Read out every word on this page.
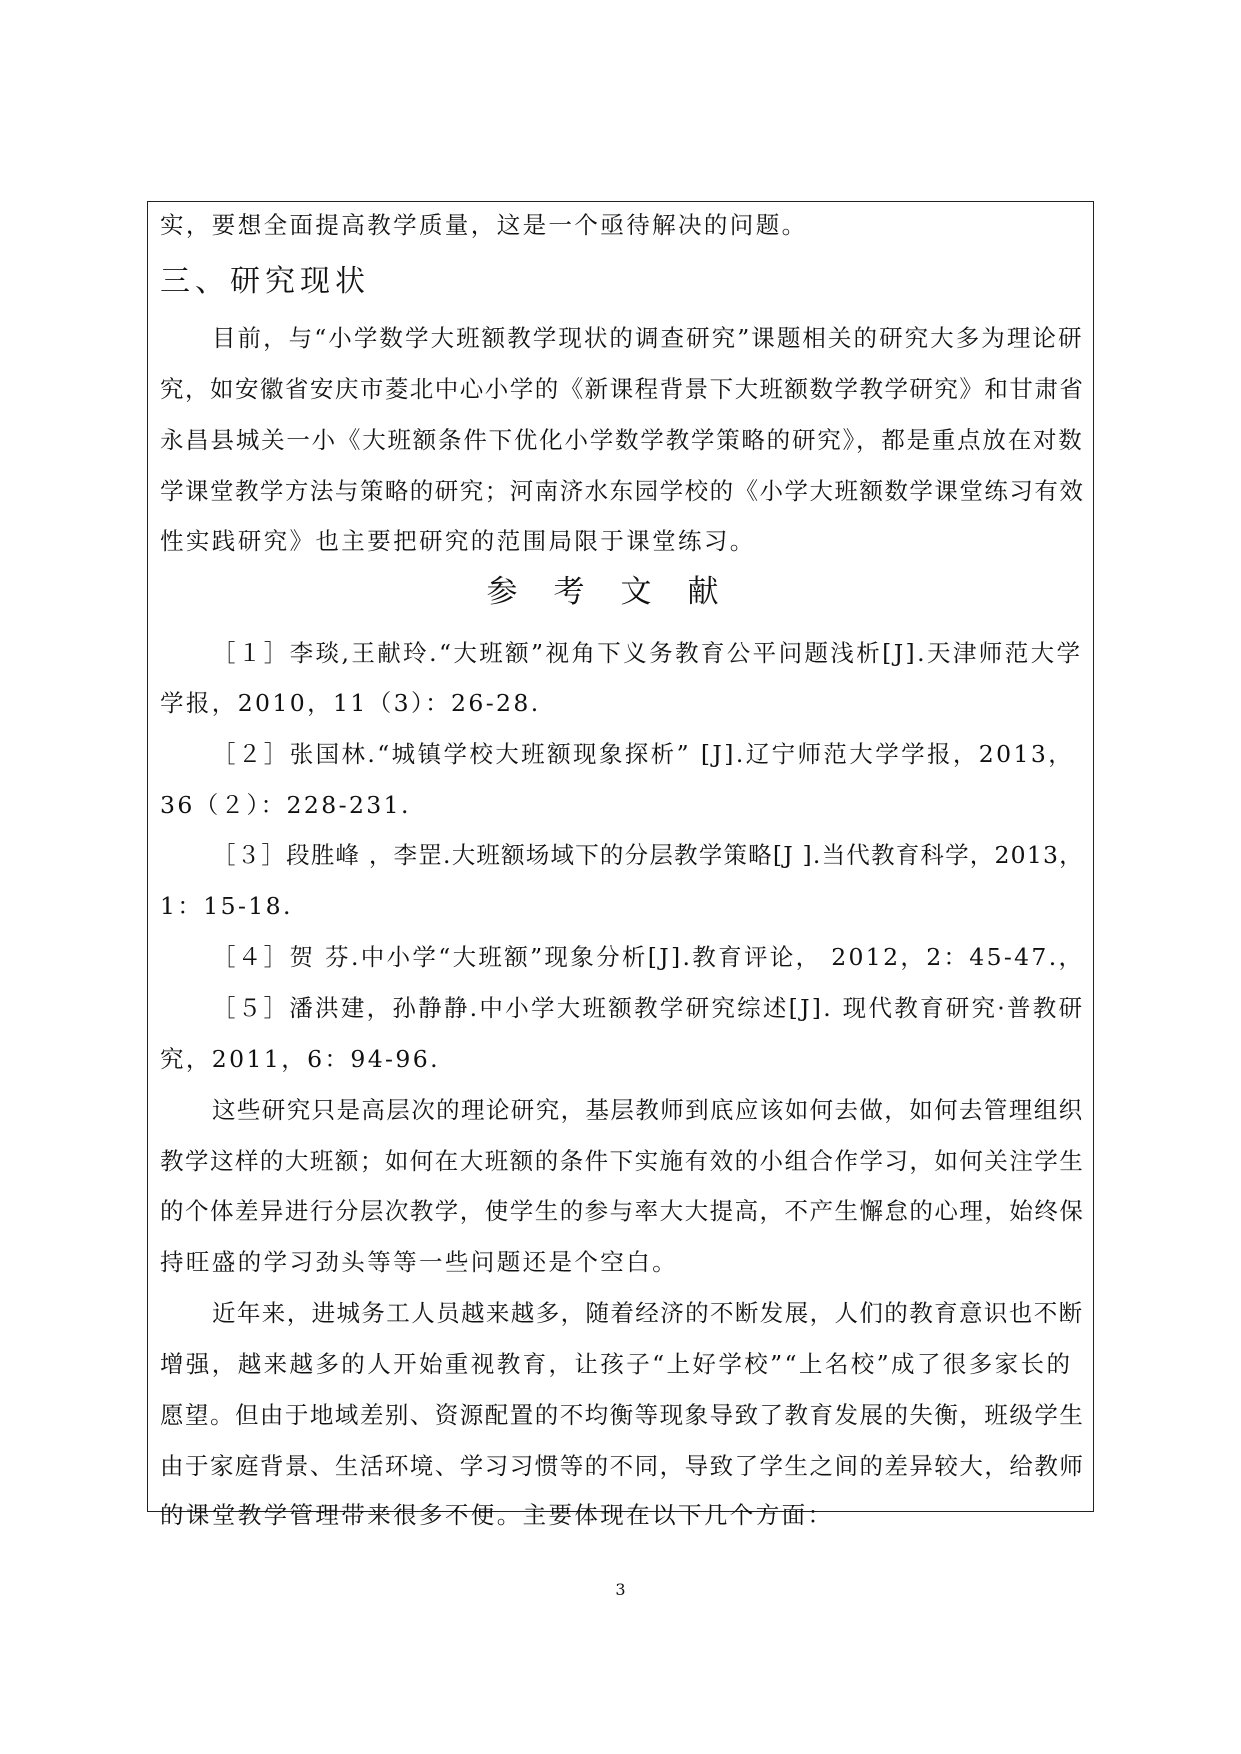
实，要想全面提高教学质量，这是一个亟待解决的问题。
三、研究现状
目前，与“小学数学大班额教学现状的调查研究”课题相关的研究大多为理论研
究，如安徽省安庆市菱北中心小学的《新课程背景下大班额数学教学研究》和甘肃省
永昌县城关一小《大班额条件下优化小学数学教学策略的研究》，都是重点放在对数
学课堂教学方法与策略的研究；河南济水东园学校的《小学大班额数学课堂练习有效
性实践研究》也主要把研究的范围局限于课堂练习。
参考文献
［１］李琰,王献玲.“大班额”视角下义务教育公平问题浅析[J].天津师范大学
学报，2010，11（3）：26-28.
［２］张国林.“城镇学校大班额现象探析” [J].辽宁师范大学学报，2013，
36（２）：228-231.
［３］段胜峰 ，李罡.大班额场域下的分层教学策略[J ].当代教育科学，2013，
1：15-18.
［４］贺 芬.中小学“大班额”现象分析[J].教育评论， 2012，2：45-47.，
［５］潘洪建，孙静静.中小学大班额教学研究综述[J]. 现代教育研究·普教研
究，2011，6：94-96.
这些研究只是高层次的理论研究，基层教师到底应该如何去做，如何去管理组织
教学这样的大班额；如何在大班额的条件下实施有效的小组合作学习，如何关注学生
的个体差异进行分层次教学，使学生的参与率大大提高，不产生懈怠的心理，始终保
持旺盛的学习劲头等等一些问题还是个空白。
近年来，进城务工人员越来越多，随着经济的不断发展，人们的教育意识也不断
增强，越来越多的人开始重视教育，让孩子“上好学校”“上名校”成了很多家长的
愿望。但由于地域差别、资源配置的不均衡等现象导致了教育发展的失衡，班级学生
由于家庭背景、生活环境、学习习惯等的不同，导致了学生之间的差异较大，给教师
的课堂教学管理带来很多不便。主要体现在以下几个方面：
3
